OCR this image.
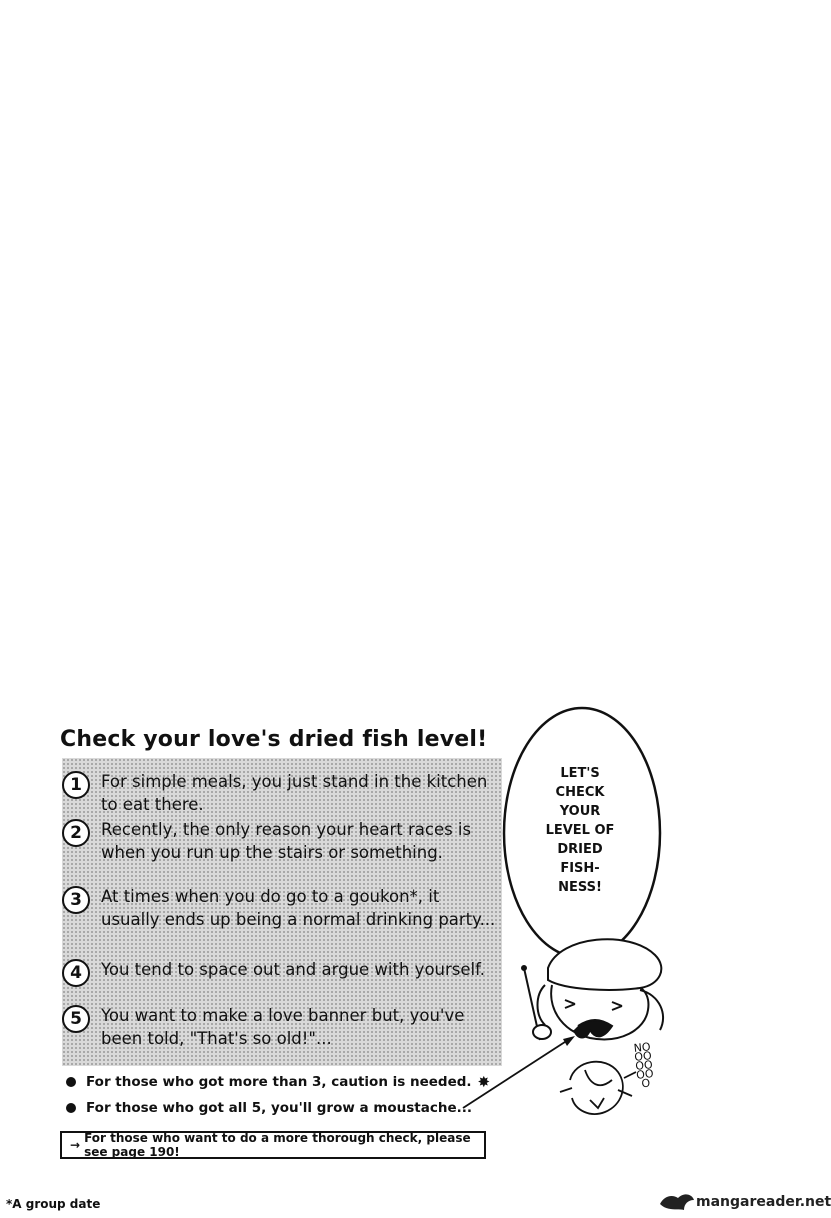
Check your love's dried fish level!
1	For simple meals, you just stand in the kitchen to eat there.
2	Recently, the only reason your heart races is when you run up the stairs or something.
3	At times when you do go to a goukon*, it usually ends up being a normal drinking party...
4	You tend to space out and argue with yourself.
5	You want to make a love banner but, you've been told, "That's so old!"...
For those who got more than 3, caution is needed. ✸
For those who got all 5, you'll grow a moustache...
→ For those who want to do a more thorough check, please see page 190!
LET'S
CHECK
YOUR
LEVEL OF
DRIED
FISH-
NESS!
NOOOOOOOO
*A group date	mangareader.net
